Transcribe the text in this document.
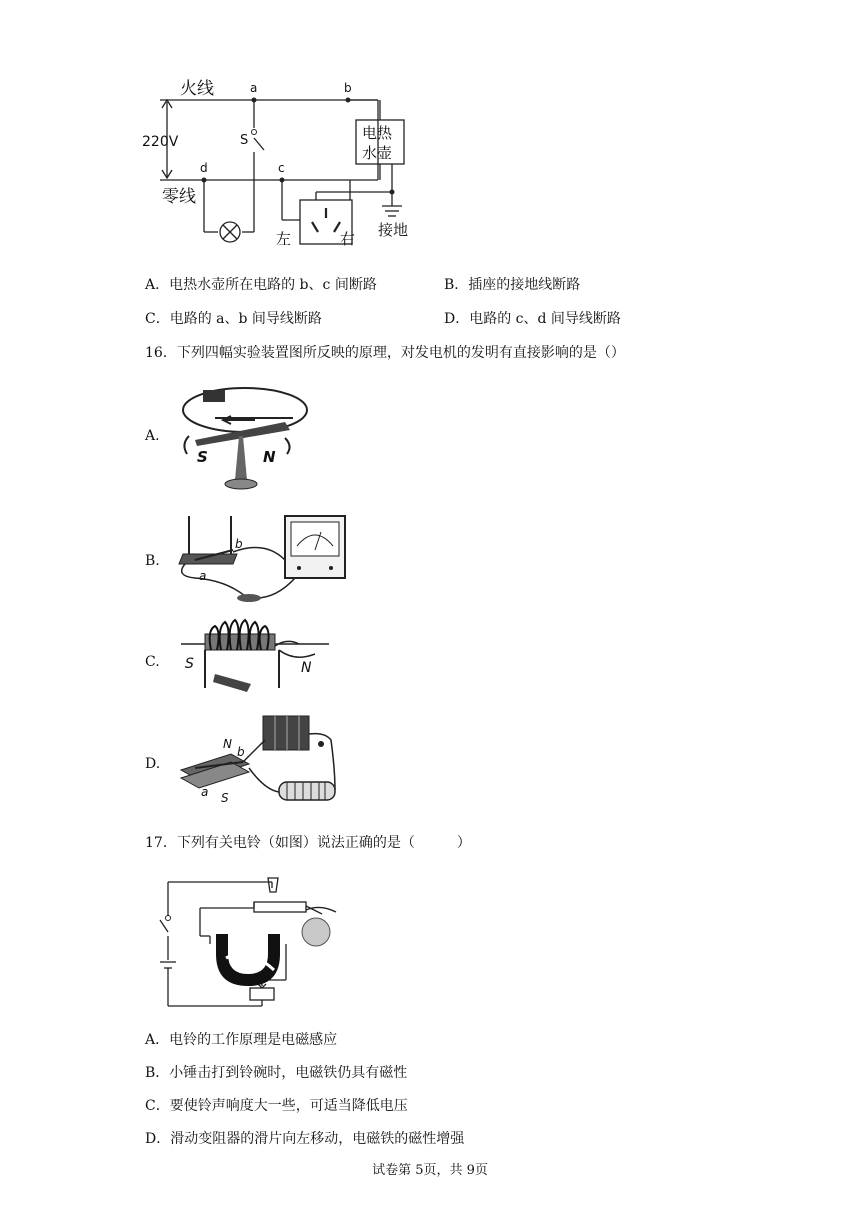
火线
零线
220V
a	b
c
d
S	电热
水壶
左	右 接地
A．电热水壶所在电路的 b、c 间断路	B．插座的接地线断路
C．电路的 a、b 间导线断路	D．电路的 c、d 间导线断路
16．下列四幅实验装置图所反映的原理，对发电机的发明有直接影响的是（）
A.
S	N
B.
a
b
C. S	N
D.
N
b
a S
17．下列有关电铃（如图）说法正确的是（　　　）
A．电铃的工作原理是电磁感应
B．小锤击打到铃碗时，电磁铁仍具有磁性
C．要使铃声响度大一些，可适当降低电压
D．滑动变阻器的滑片向左移动，电磁铁的磁性增强
试卷第 5页，共 9页
